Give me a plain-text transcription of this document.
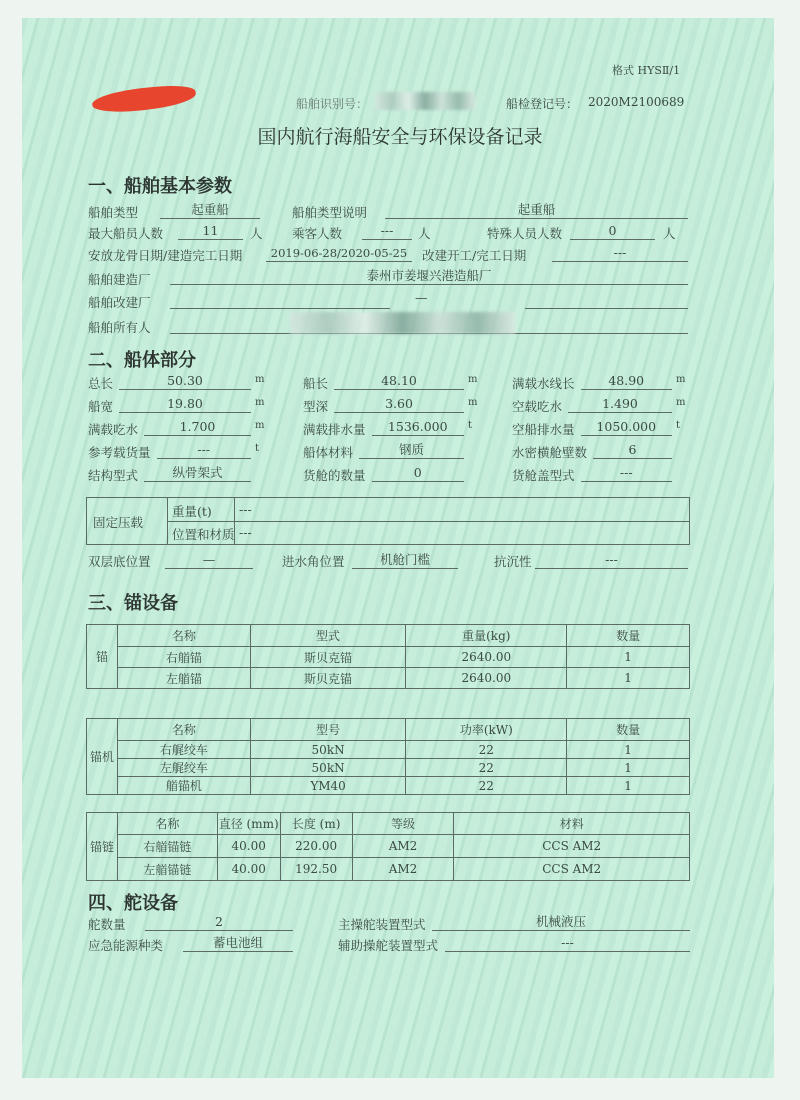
格式 HYSⅡ/1
船舶识别号：	船检登记号： 2020M2100689
国内航行海船安全与环保设备记录
一、船舶基本参数
船舶类型	起重船	船舶类型说明	起重船
最大船员人数	11	人 乘客人数	---	人	特殊人员人数	0	人
安放龙骨日期/建造完工日期	2019-06-28/2020-05-25	改建开工/完工日期	---
船舶建造厂	泰州市姜堰兴港造船厂
船舶改建厂	—
船舶所有人
二、船体部分
总长	50.30	m	船长	48.10	m	满载水线长	48.90	m
船宽	19.80	m	型深	3.60	m	空载吃水	1.490	m
满载吃水	1.700	m	满载排水量	1536.000	t	空船排水量	1050.000	t
参考载货量	---	t	船体材料	钢质	水密横舱壁数	6
结构型式	纵骨架式	货舱的数量	0	货舱盖型式	---
固定压载
重量(t) ---
位置和材质 ---
双层底位置	—	进水角位置	机舱门槛	抗沉性	---
三、锚设备
锚	名称	型式	重量(kg)	数量
	右艏锚	斯贝克锚	2640.00	1
	左艏锚	斯贝克锚	2640.00	1
锚机	名称	型号	功率(kW)	数量
	右艉绞车	50kN	22	1
	左艉绞车	50kN	22	1
	艏锚机	YM40	22	1
锚链	名称	直径 (mm)	长度 (m)	等级	材料
	右艏锚链	40.00	220.00	AM2	CCS AM2
	左艏锚链	40.00	192.50	AM2	CCS AM2
四、舵设备
舵数量	2	主操舵装置型式	机械液压
应急能源种类	蓄电池组	辅助操舵装置型式	---
